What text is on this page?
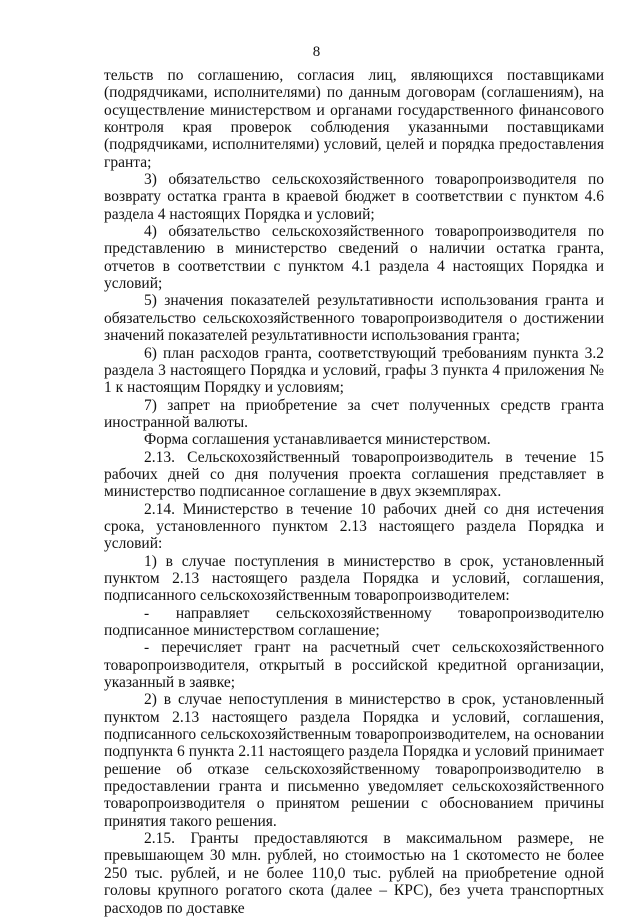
8

тельств по соглашению, согласия лиц, являющихся поставщиками (подрядчиками, исполнителями) по данным договорам (соглашениям), на осуществление министерством и органами государственного финансового контроля края проверок соблюдения указанными поставщиками (подрядчиками, исполнителями) условий, целей и порядка предоставления гранта;

3) обязательство сельскохозяйственного товаропроизводителя по возврату остатка гранта в краевой бюджет в соответствии с пунктом 4.6 раздела 4 настоящих Порядка и условий;

4) обязательство сельскохозяйственного товаропроизводителя по представлению в министерство сведений о наличии остатка гранта, отчетов в соответствии с пунктом 4.1 раздела 4 настоящих Порядка и условий;

5) значения показателей результативности использования гранта и обязательство сельскохозяйственного товаропроизводителя о достижении значений показателей результативности использования гранта;

6) план расходов гранта, соответствующий требованиям пункта 3.2 раздела 3 настоящего Порядка и условий, графы 3 пункта 4 приложения № 1 к настоящим Порядку и условиям;

7) запрет на приобретение за счет полученных средств гранта иностранной валюты.

Форма соглашения устанавливается министерством.

2.13. Сельскохозяйственный товаропроизводитель в течение 15 рабочих дней со дня получения проекта соглашения представляет в министерство подписанное соглашение в двух экземплярах.

2.14. Министерство в течение 10 рабочих дней со дня истечения срока, установленного пунктом 2.13 настоящего раздела Порядка и условий:

1) в случае поступления в министерство в срок, установленный пунктом 2.13 настоящего раздела Порядка и условий, соглашения, подписанного сельскохозяйственным товаропроизводителем:

- направляет сельскохозяйственному товаропроизводителю подписанное министерством соглашение;

- перечисляет грант на расчетный счет сельскохозяйственного товаропроизводителя, открытый в российской кредитной организации, указанный в заявке;

2) в случае непоступления в министерство в срок, установленный пунктом 2.13 настоящего раздела Порядка и условий, соглашения, подписанного сельскохозяйственным товаропроизводителем, на основании подпункта 6 пункта 2.11 настоящего раздела Порядка и условий принимает решение об отказе сельскохозяйственному товаропроизводителю в предоставлении гранта и письменно уведомляет сельскохозяйственного товаропроизводителя о принятом решении с обоснованием причины принятия такого решения.

2.15. Гранты предоставляются в максимальном размере, не превышающем 30 млн. рублей, но стоимостью на 1 скотоместо не более 250 тыс. рублей, и не более 110,0 тыс. рублей на приобретение одной головы крупного рогатого скота (далее – КРС), без учета транспортных расходов по доставке
